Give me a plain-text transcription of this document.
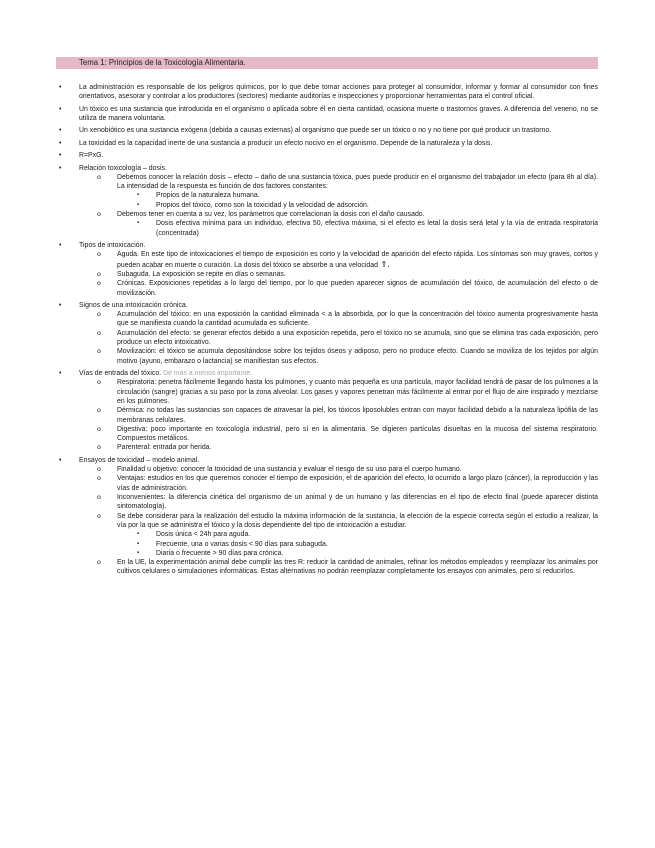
Tema 1: Principios de la Toxicología Alimentaria.
•	La administración es responsable de los peligros químicos, por lo que debe tomar acciones para proteger al consumidor, informar y formar al consumidor con fines orientativos, asesorar y controlar a los productores (sectores) mediante auditorías e inspecciones y proporcionar herramientas para el control oficial.
•	Un tóxico es una sustancia que introducida en el organismo o aplicada sobre él en cierta cantidad, ocasiona muerte o trastornos graves. A diferencia del veneno, no se utiliza de manera voluntaria.
•	Un xenobiótico es una sustancia exógena (debida a causas externas) al organismo que puede ser un tóxico o no y no tiene por qué producir un trastorno.
•	La toxicidad es la capacidad inerte de una sustancia a producir un efecto nocivo en el organismo. Depende de la naturaleza y la dosis.
•	R=PxG.
•	Relación toxicología – dosis.
o Debemos conocer la relación dosis – efecto – daño de una sustancia tóxica, pues puede producir en el organismo del trabajador un efecto (para 8h al día). La intensidad de la respuesta es función de dos factores constantes:
▪ Propios de la naturaleza humana.
▪ Propios del tóxico, como son la toxicidad y la velocidad de adsorción.
o Debemos tener en cuenta a su vez, los parámetros que correlacionan la dosis con el daño causado.
▪ Dosis efectiva mínima para un individuo, efectiva 50, efectiva máxima, si el efecto es letal la dosis será letal y la vía de entrada respiratoria (concentrada)
•	Tipos de intoxicación.
o Aguda. En este tipo de intoxicaciones el tiempo de exposición es corto y la velocidad de aparición del efecto rápida. Los síntomas son muy graves, cortos y pueden acabar en muerte o curación. La dosis del tóxico se absorbe a una velocidad ⇑.
o Subaguda. La exposición se repite en días o semanas.
o Crónicas. Exposiciones repetidas a lo largo del tiempo, por lo que pueden aparecer signos de acumulación del tóxico, de acumulación del efecto o de movilización.
•	Signos de una intoxicación crónica.
o Acumulación del tóxico: en una exposición la cantidad eliminada < a la absorbida, por lo que la concentración del tóxico aumenta progresivamente hasta que se manifiesta cuando la cantidad acumulada es suficiente.
o Acumulación del efecto: se generar efectos debido a una exposición repetida, pero el tóxico no se acumula, sino que se elimina tras cada exposición, pero produce un efecto intoxicativo.
o Movilización: el tóxico se acumula depositándose sobre los tejidos óseos y adiposo, pero no produce efecto. Cuando se moviliza de los tejidos por algún motivo (ayuno, embarazo o lactancia) se manifiestan sus efectos.
•	Vías de entrada del tóxico. De mas a menos importante.
o Respiratoria: penetra fácilmente llegando hasta los pulmones, y cuanto más pequeña es una partícula, mayor facilidad tendrá de pasar de los pulmones a la circulación (sangre) gracias a su paso por la zona alveolar. Los gases y vapores penetran más fácilmente al entrar por el flujo de aire inspirado y mezclarse en los pulmones.
o Dérmica: no todas las sustancias son capaces de atravesar la piel, los tóxicos liposolubles entran con mayor facilidad debido a la naturaleza lipófila de las membranas celulares.
o Digestiva: poco importante en toxicología industrial, pero sí en la alimentaria. Se digieren partículas disueltas en la mucosa del sistema respiratorio. Compuestos metálicos.
o Parenteral: entrada por herida.
•	Ensayos de toxicidad – modelo animal.
o Finalidad u objetivo: conocer la toxicidad de una sustancia y evaluar el riesgo de su uso para el cuerpo humano.
o Ventajas: estudios en los que queremos conocer el tiempo de exposición, el de aparición del efecto, lo ocurrido a largo plazo (cáncer), la reproducción y las vías de administración.
o Inconvenientes: la diferencia cinética del organismo de un animal y de un humano y las diferencias en el tipo de efecto final (puede aparecer distinta sintomatología).
o Se debe considerar para la realización del estudio la máxima información de la sustancia, la elección de la especie correcta según el estudio a realizar, la vía por la que se administra el tóxico y la dosis dependiente del tipo de intoxicación a estudiar.
▪ Dosis única < 24h para aguda.
▪ Frecuente, una o varias dosis < 90 días para subaguda.
▪ Diaria o frecuente > 90 días para crónica.
o En la UE, la experimentación animal debe cumplir las tres R: reducir la cantidad de animales, refinar los métodos empleados y reemplazar los animales por cultivos celulares o simulaciones informáticas. Estas alternativas no podrán reemplazar completamente los ensayos con animales, pero sí reducirlos.
